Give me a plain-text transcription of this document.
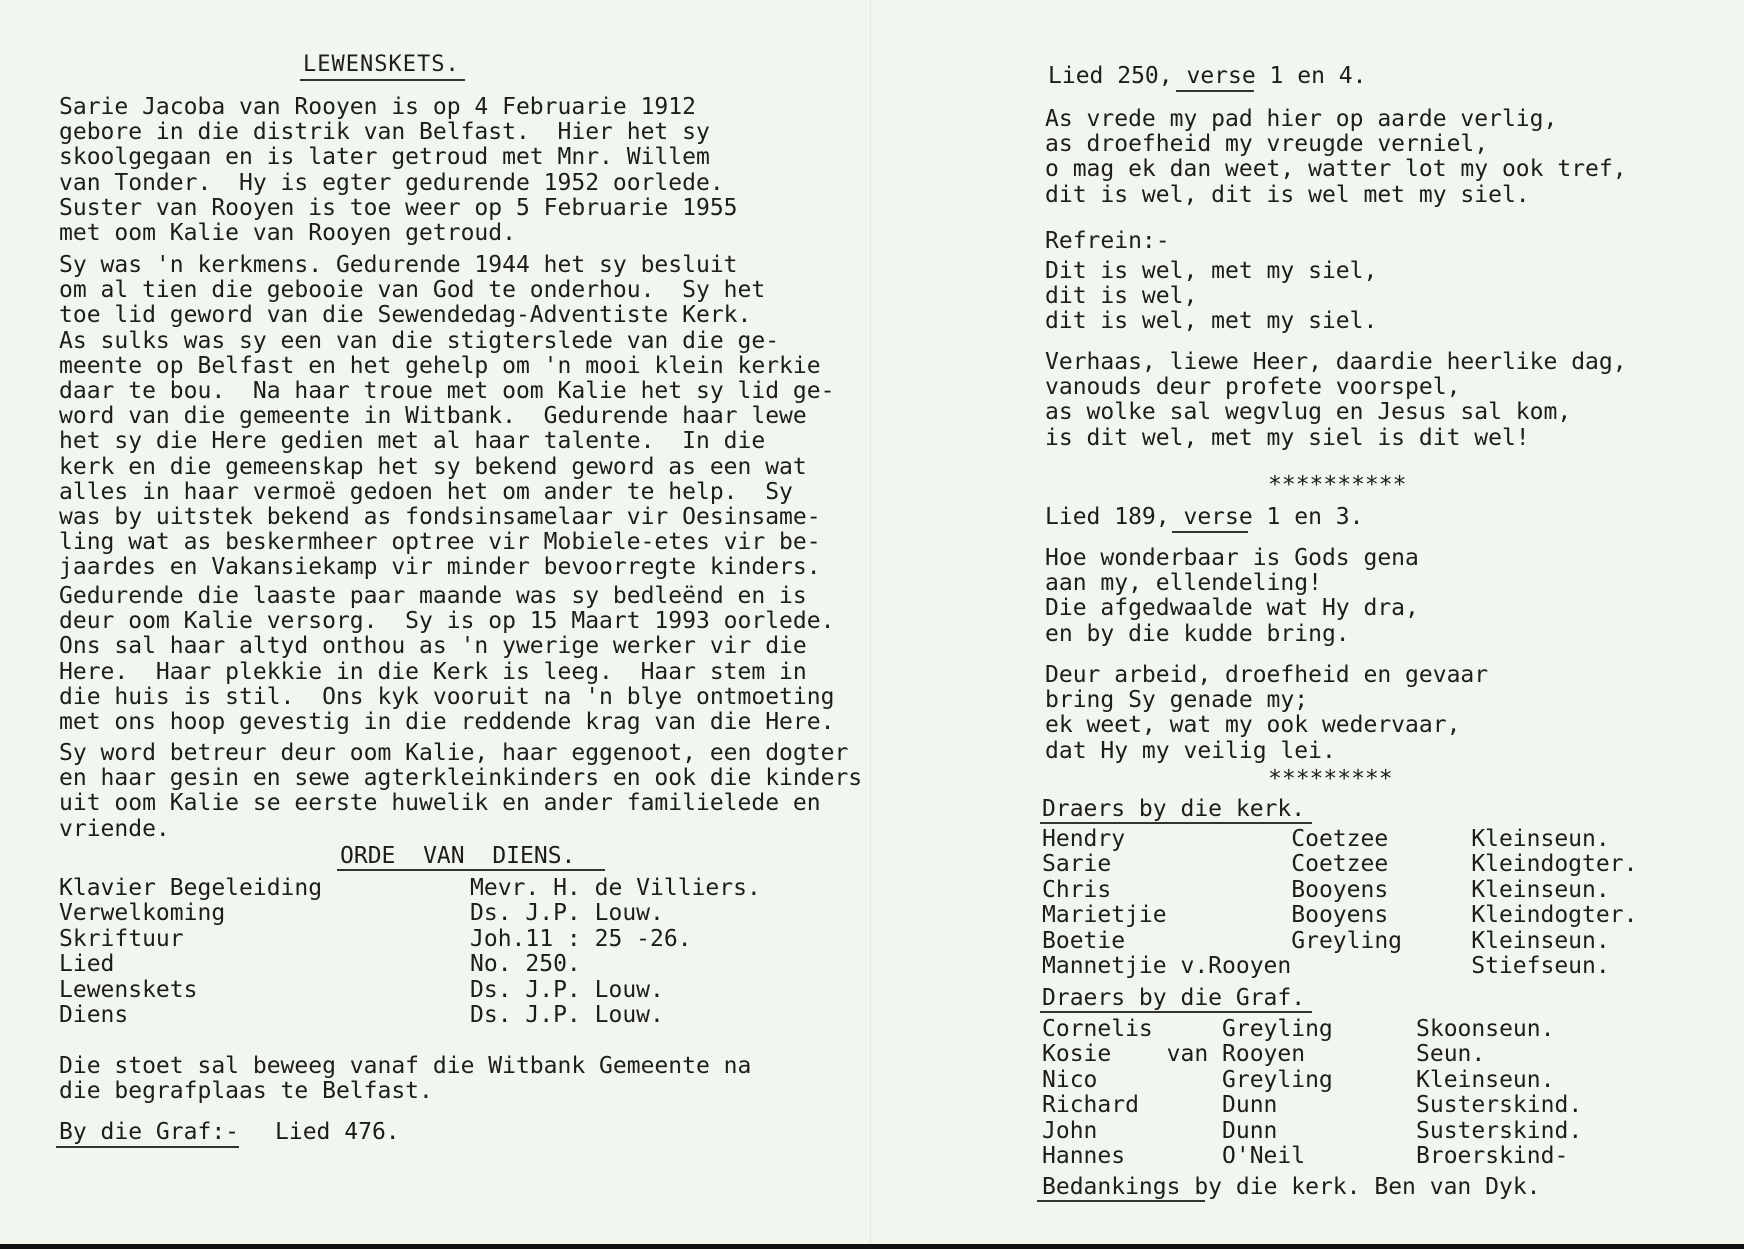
LEWENSKETS.
Sarie Jacoba van Rooyen is op 4 Februarie 1912
gebore in die distrik van Belfast.  Hier het sy
skoolgegaan en is later getroud met Mnr. Willem
van Tonder.  Hy is egter gedurende 1952 oorlede.
Suster van Rooyen is toe weer op 5 Februarie 1955
met oom Kalie van Rooyen getroud.
Sy was 'n kerkmens. Gedurende 1944 het sy besluit
om al tien die gebooie van God te onderhou.  Sy het
toe lid geword van die Sewendedag-Adventiste Kerk.
As sulks was sy een van die stigterslede van die ge-
meente op Belfast en het gehelp om 'n mooi klein kerkie
daar te bou.  Na haar troue met oom Kalie het sy lid ge-
word van die gemeente in Witbank.  Gedurende haar lewe
het sy die Here gedien met al haar talente.  In die
kerk en die gemeenskap het sy bekend geword as een wat
alles in haar vermoë gedoen het om ander te help.  Sy
was by uitstek bekend as fondsinsamelaar vir Oesinsame-
ling wat as beskermheer optree vir Mobiele-etes vir be-
jaardes en Vakansiekamp vir minder bevoorregte kinders.
Gedurende die laaste paar maande was sy bedleënd en is
deur oom Kalie versorg.  Sy is op 15 Maart 1993 oorlede.
Ons sal haar altyd onthou as 'n ywerige werker vir die
Here.  Haar plekkie in die Kerk is leeg.  Haar stem in
die huis is stil.  Ons kyk vooruit na 'n blye ontmoeting
met ons hoop gevestig in die reddende krag van die Here.
Sy word betreur deur oom Kalie, haar eggenoot, een dogter
en haar gesin en sewe agterkleinkinders en ook die kinders
uit oom Kalie se eerste huwelik en ander familielede en
vriende.
ORDE  VAN  DIENS.
Klavier Begeleiding	Mevr. H. de Villiers.
Verwelkoming	Ds. J.P. Louw.
Skriftuur	Joh.11 : 25 -26.
Lied	No. 250.
Lewenskets	Ds. J.P. Louw.
Diens	Ds. J.P. Louw.
Die stoet sal beweeg vanaf die Witbank Gemeente na
die begrafplaas te Belfast.
By die Graf:- Lied 476.
Lied 250, verse 1 en 4.
As vrede my pad hier op aarde verlig,
as droefheid my vreugde verniel,
o mag ek dan weet, watter lot my ook tref,
dit is wel, dit is wel met my siel.
Refrein:-
Dit is wel, met my siel,
dit is wel,
dit is wel, met my siel.
Verhaas, liewe Heer, daardie heerlike dag,
vanouds deur profete voorspel,
as wolke sal wegvlug en Jesus sal kom,
is dit wel, met my siel is dit wel!
**********
Lied 189, verse 1 en 3.
Hoe wonderbaar is Gods gena
aan my, ellendeling!
Die afgedwaalde wat Hy dra,
en by die kudde bring.
Deur arbeid, droefheid en gevaar
bring Sy genade my;
ek weet, wat my ook wedervaar,
dat Hy my veilig lei.
*********
Draers by die kerk.
Hendry	Coetzee	Kleinseun.
Sarie	Coetzee	Kleindogter.
Chris	Booyens	Kleinseun.
Marietjie	Booyens	Kleindogter.
Boetie	Greyling	Kleinseun.
Mannetjie v.Rooyen		Stiefseun.
Draers by die Graf.
Cornelis	Greyling	Skoonseun.
Kosie    van	Rooyen	Seun.
Nico	Greyling	Kleinseun.
Richard	Dunn	Susterskind.
John	Dunn	Susterskind.
Hannes	O'Neil	Broerskind-
Bedankings by die kerk. Ben van Dyk.
